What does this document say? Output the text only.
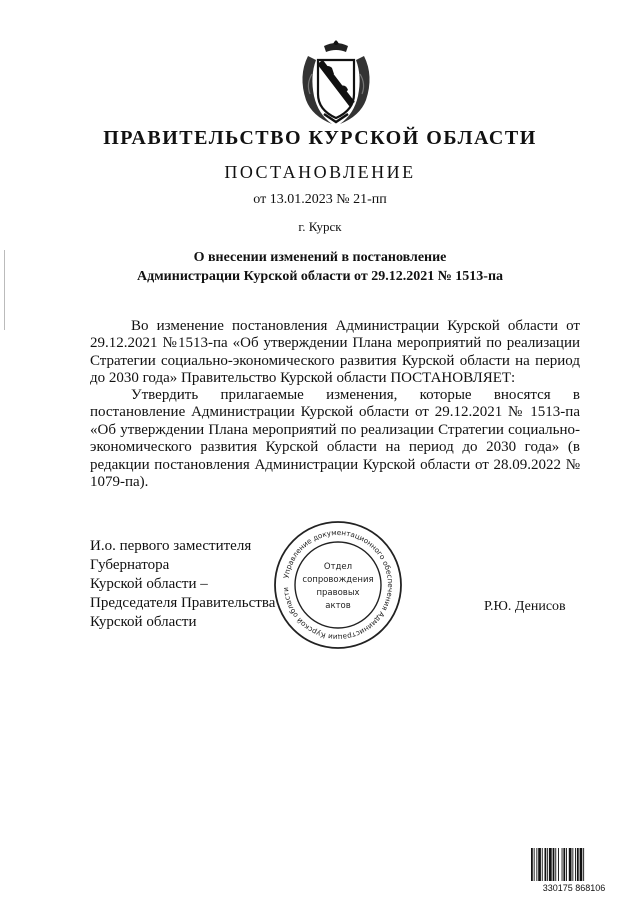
ПРАВИТЕЛЬСТВО КУРСКОЙ ОБЛАСТИ
ПОСТАНОВЛЕНИЕ
от 13.01.2023 № 21-пп
г. Курск
О внесении изменений в постановление
Администрации Курской области от 29.12.2021 № 1513-па

Во изменение постановления Администрации Курской области от 29.12.2021 №1513-па «Об утверждении Плана мероприятий по реализации Стратегии социально-экономического развития Курской области на период до 2030 года» Правительство Курской области ПОСТАНОВЛЯЕТ:

Утвердить прилагаемые изменения, которые вносятся в постановление Администрации Курской области от 29.12.2021 № 1513-па «Об утверждении Плана мероприятий по реализации Стратегии социально-экономического развития Курской области на период до 2030 года» (в редакции постановления Администрации Курской области от 28.09.2022 № 1079-па).

И.о. первого заместителя Губернатора
Курской области –
Председателя Правительства
Курской области
Управление документационного обеспечения Администрации Курской области
Отдел
сопровождения
правовых
актов	Р.Ю. Денисов
330175 868106
